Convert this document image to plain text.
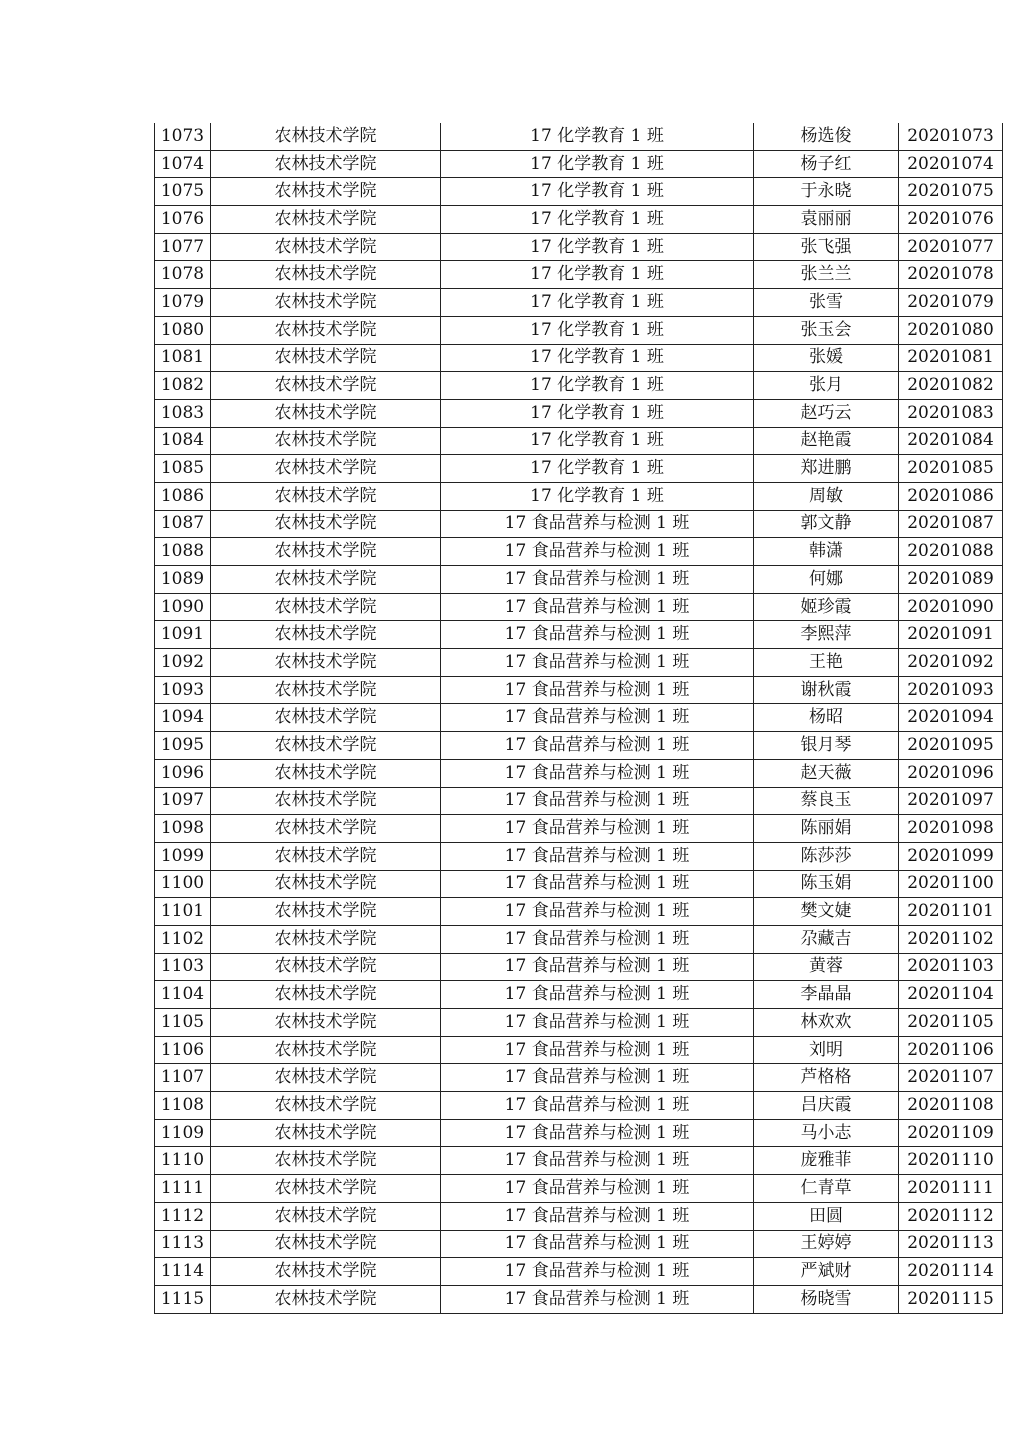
1073	农林技术学院	17 化学教育 1 班	杨选俊	20201073
1074	农林技术学院	17 化学教育 1 班	杨子红	20201074
1075	农林技术学院	17 化学教育 1 班	于永晓	20201075
1076	农林技术学院	17 化学教育 1 班	袁丽丽	20201076
1077	农林技术学院	17 化学教育 1 班	张飞强	20201077
1078	农林技术学院	17 化学教育 1 班	张兰兰	20201078
1079	农林技术学院	17 化学教育 1 班	张雪	20201079
1080	农林技术学院	17 化学教育 1 班	张玉会	20201080
1081	农林技术学院	17 化学教育 1 班	张媛	20201081
1082	农林技术学院	17 化学教育 1 班	张月	20201082
1083	农林技术学院	17 化学教育 1 班	赵巧云	20201083
1084	农林技术学院	17 化学教育 1 班	赵艳霞	20201084
1085	农林技术学院	17 化学教育 1 班	郑进鹏	20201085
1086	农林技术学院	17 化学教育 1 班	周敏	20201086
1087	农林技术学院	17 食品营养与检测 1 班	郭文静	20201087
1088	农林技术学院	17 食品营养与检测 1 班	韩潇	20201088
1089	农林技术学院	17 食品营养与检测 1 班	何娜	20201089
1090	农林技术学院	17 食品营养与检测 1 班	姬珍霞	20201090
1091	农林技术学院	17 食品营养与检测 1 班	李熙萍	20201091
1092	农林技术学院	17 食品营养与检测 1 班	王艳	20201092
1093	农林技术学院	17 食品营养与检测 1 班	谢秋霞	20201093
1094	农林技术学院	17 食品营养与检测 1 班	杨昭	20201094
1095	农林技术学院	17 食品营养与检测 1 班	银月琴	20201095
1096	农林技术学院	17 食品营养与检测 1 班	赵天薇	20201096
1097	农林技术学院	17 食品营养与检测 1 班	蔡良玉	20201097
1098	农林技术学院	17 食品营养与检测 1 班	陈丽娟	20201098
1099	农林技术学院	17 食品营养与检测 1 班	陈莎莎	20201099
1100	农林技术学院	17 食品营养与检测 1 班	陈玉娟	20201100
1101	农林技术学院	17 食品营养与检测 1 班	樊文婕	20201101
1102	农林技术学院	17 食品营养与检测 1 班	尕藏吉	20201102
1103	农林技术学院	17 食品营养与检测 1 班	黄蓉	20201103
1104	农林技术学院	17 食品营养与检测 1 班	李晶晶	20201104
1105	农林技术学院	17 食品营养与检测 1 班	林欢欢	20201105
1106	农林技术学院	17 食品营养与检测 1 班	刘明	20201106
1107	农林技术学院	17 食品营养与检测 1 班	芦格格	20201107
1108	农林技术学院	17 食品营养与检测 1 班	吕庆霞	20201108
1109	农林技术学院	17 食品营养与检测 1 班	马小志	20201109
1110	农林技术学院	17 食品营养与检测 1 班	庞雅菲	20201110
1111	农林技术学院	17 食品营养与检测 1 班	仁青草	20201111
1112	农林技术学院	17 食品营养与检测 1 班	田圆	20201112
1113	农林技术学院	17 食品营养与检测 1 班	王婷婷	20201113
1114	农林技术学院	17 食品营养与检测 1 班	严斌财	20201114
1115	农林技术学院	17 食品营养与检测 1 班	杨晓雪	20201115
